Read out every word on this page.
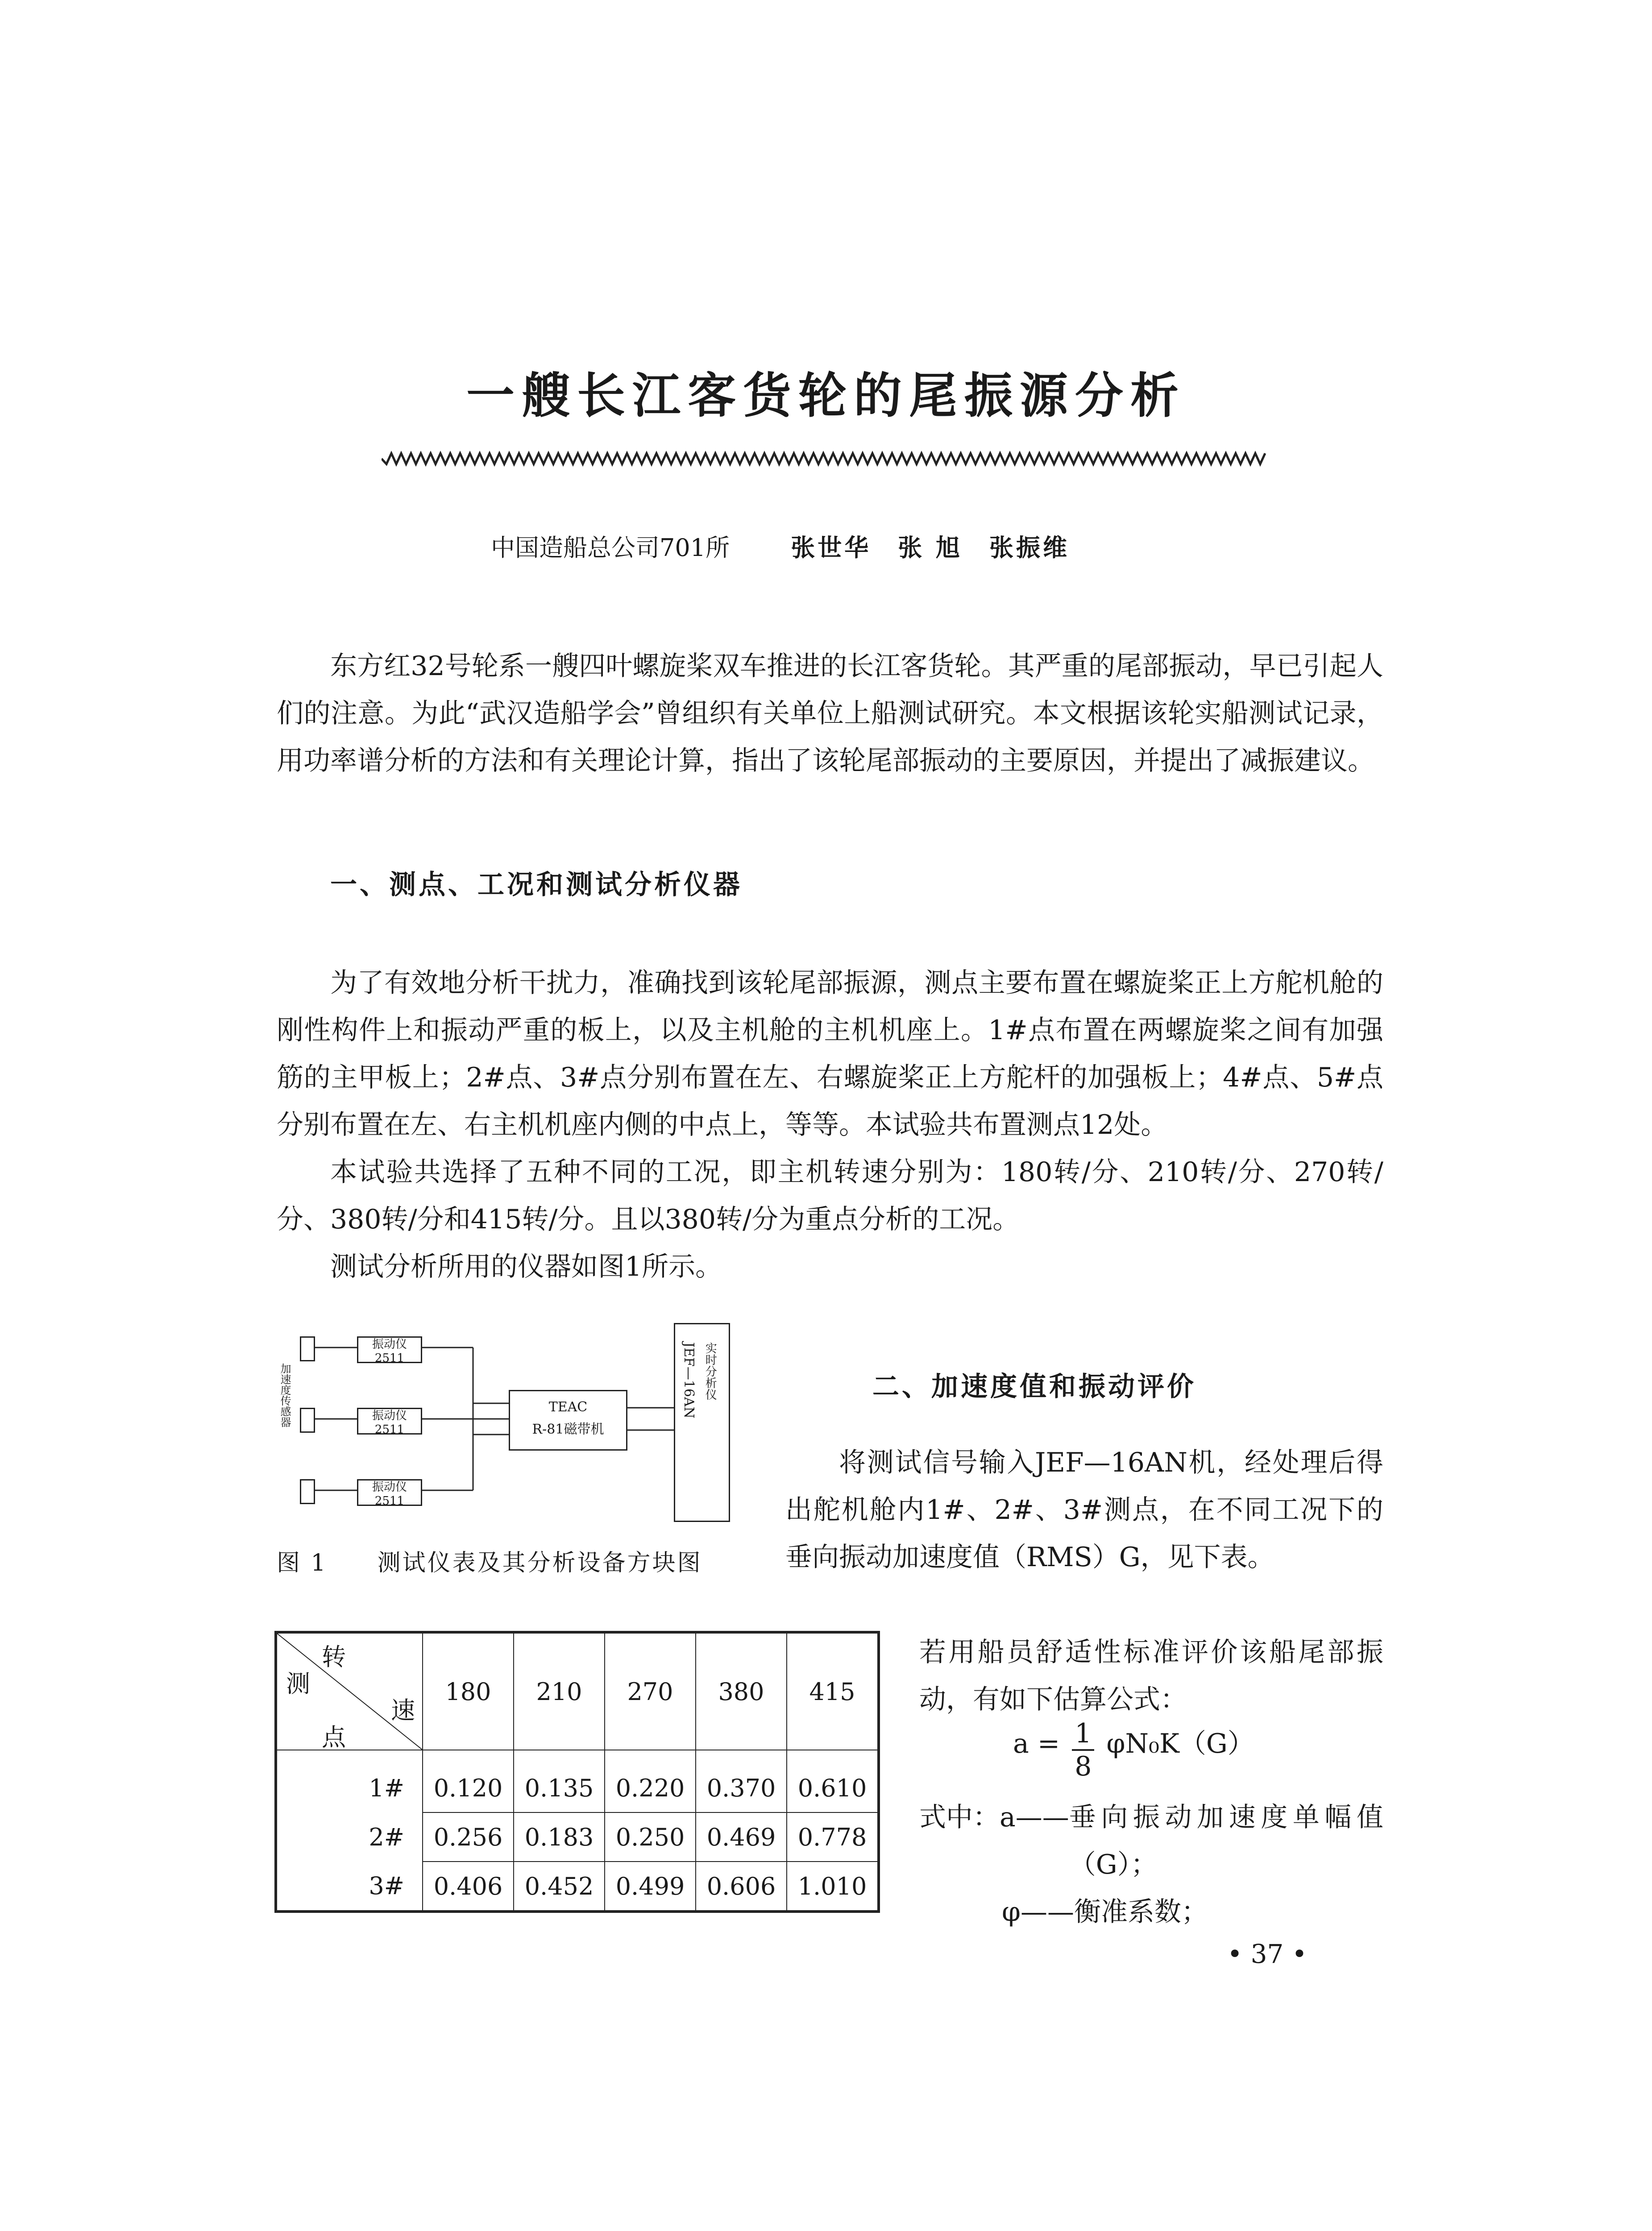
一艘长江客货轮的尾振源分析
中国造船总公司701所	张世华　张 旭　张振维

东方红32号轮系一艘四叶螺旋桨双车推进的长江客货轮。其严重的尾部振动，早已引起人们的注意。为此“武汉造船学会”曾组织有关单位上船测试研究。本文根据该轮实船测试记录，用功率谱分析的方法和有关理论计算，指出了该轮尾部振动的主要原因，并提出了减振建议。

一、测点、工况和测试分析仪器

为了有效地分析干扰力，准确找到该轮尾部振源，测点主要布置在螺旋桨正上方舵机舱的刚性构件上和振动严重的板上，以及主机舱的主机机座上。1#点布置在两螺旋桨之间有加强筋的主甲板上；2#点、3#点分别布置在左、右螺旋桨正上方舵杆的加强板上；4#点、5#点分别布置在左、右主机机座内侧的中点上，等等。本试验共布置测点12处。

本试验共选择了五种不同的工况，即主机转速分别为：180转/分、210转/分、270转/分、380转/分和415转/分。且以380转/分为重点分析的工况。

测试分析所用的仪器如图1所示。

加速度传感器
振动仪
2511
振动仪
2511
振动仪
2511
TEAC
R-81磁带机
JEF—16AN 实时分析仪
图 1　　测试仪表及其分析设备方块图
转
测
速
点	180	210	270	380	415
1#	0.120	0.135	0.220	0.370	0.610
2#	0.256	0.183	0.250	0.469	0.778
3#	0.406	0.452	0.499	0.606	1.010
二、加速度值和振动评价

将测试信号输入JEF—16AN机，经处理后得出舵机舱内1#、2#、3#测点，在不同工况下的垂向振动加速度值（RMS）G，见下表。

若用船员舒适性标准评价该船尾部振动，有如下估算公式：

$a = \frac{1}{8} \varphi N_0K(G)$
式中：a—— 垂向振动加速度单幅值（G）；
φ—— 衡准系数；
• 37 •
